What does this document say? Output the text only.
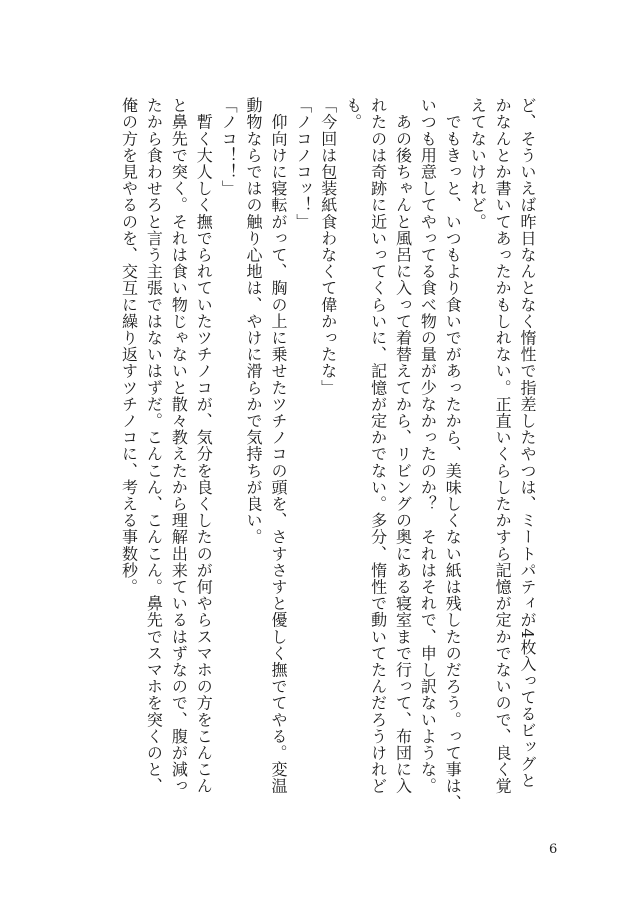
ど、そういえば昨日なんとなく惰性で指差したやつは、ミートパティが4枚入ってるビッグと
かなんとか書いてあったかもしれない。正直いくらしたかすら記憶が定かでないので、良く覚
えてないけれど。
　でもきっと、いつもより食いでがあったから、美味しくない紙は残したのだろう。って事は、
いつも用意してやってる食べ物の量が少なかったのか？　それはそれで、申し訳ないような。
　あの後ちゃんと風呂に入って着替えてから、リビングの奥にある寝室まで行って、布団に入
れたのは奇跡に近いってくらいに、記憶が定かでない。多分、惰性で動いてたんだろうけれど
も。
「今回は包装紙食わなくて偉かったな」
「ノコノコッ！」
　仰向けに寝転がって、胸の上に乗せたツチノコの頭を、さすさすと優しく撫でてやる。変温
動物ならではの触り心地は、やけに滑らかで気持ちが良い。
「ノコ！！」
　暫く大人しく撫でられていたツチノコが、気分を良くしたのが何やらスマホの方をこんこん
と鼻先で突く。それは食い物じゃないと散々教えたから理解出来ているはずなので、腹が減っ
たから食わせろと言う主張ではないはずだ。こんこん、こんこん。鼻先でスマホを突くのと、
俺の方を見やるのを、交互に繰り返すツチノコに、考える事数秒。
6
